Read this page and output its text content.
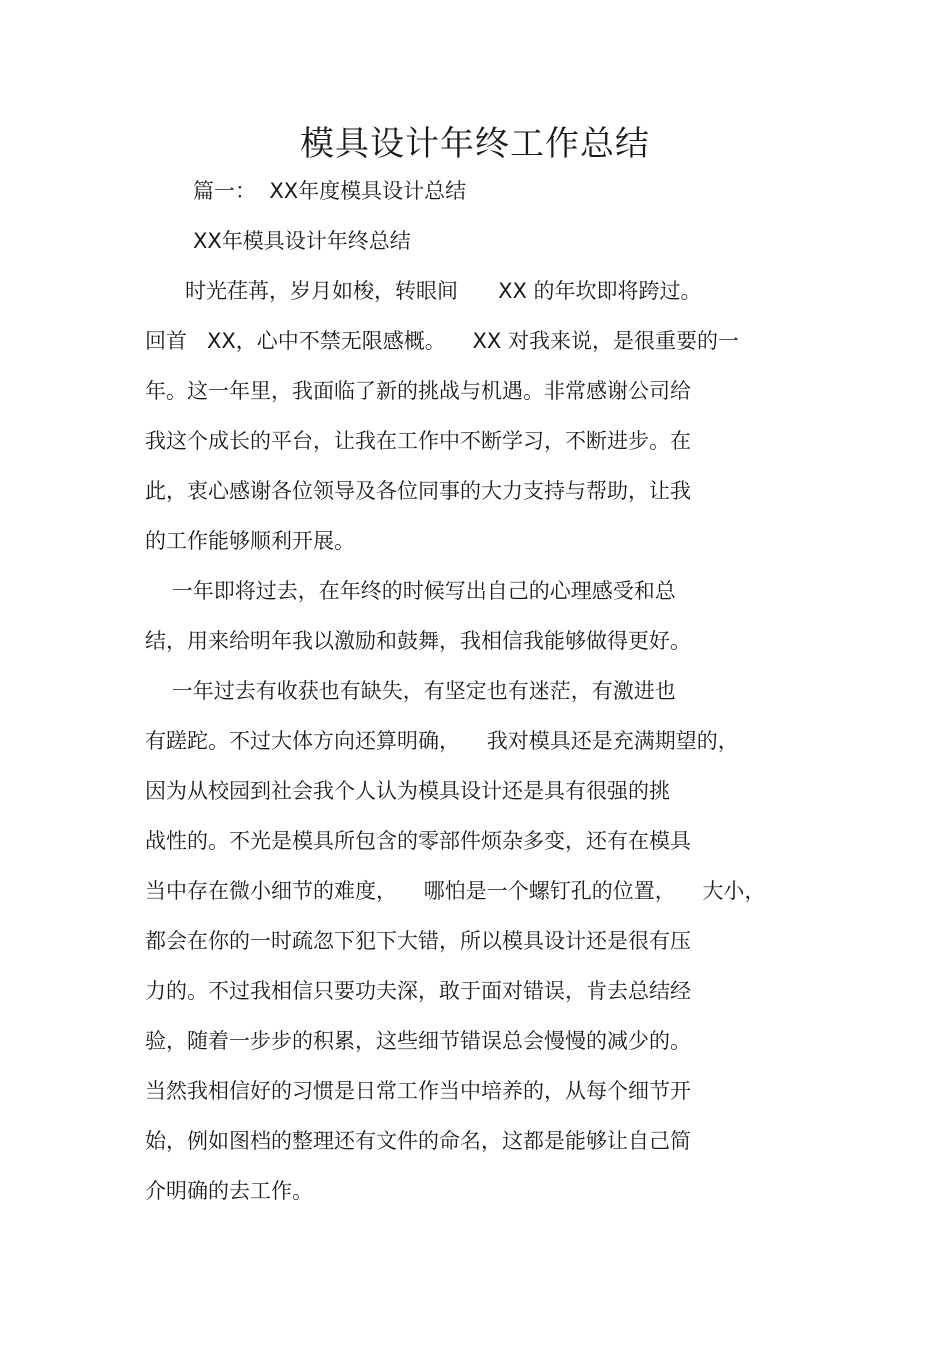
模具设计年终工作总结

篇一：  XX年度模具设计总结

XX年模具设计年终总结

时光荏苒，岁月如梭，转眼间      XX 的年坎即将跨过。

回首   XX，心中不禁无限感概。    XX 对我来说，是很重要的一

年。这一年里，我面临了新的挑战与机遇。非常感谢公司给

我这个成长的平台，让我在工作中不断学习，不断进步。在

此，衷心感谢各位领导及各位同事的大力支持与帮助，让我

的工作能够顺利开展。

一年即将过去，在年终的时候写出自己的心理感受和总

结，用来给明年我以激励和鼓舞，我相信我能够做得更好。

一年过去有收获也有缺失，有坚定也有迷茫，有激进也

有蹉跎。不过大体方向还算明确，    我对模具还是充满期望的，

因为从校园到社会我个人认为模具设计还是具有很强的挑

战性的。不光是模具所包含的零部件烦杂多变，还有在模具

当中存在微小细节的难度，    哪怕是一个螺钉孔的位置，    大小，

都会在你的一时疏忽下犯下大错，所以模具设计还是很有压

力的。不过我相信只要功夫深，敢于面对错误，肯去总结经

验，随着一步步的积累，这些细节错误总会慢慢的减少的。

当然我相信好的习惯是日常工作当中培养的，从每个细节开

始，例如图档的整理还有文件的命名，这都是能够让自己简

介明确的去工作。
